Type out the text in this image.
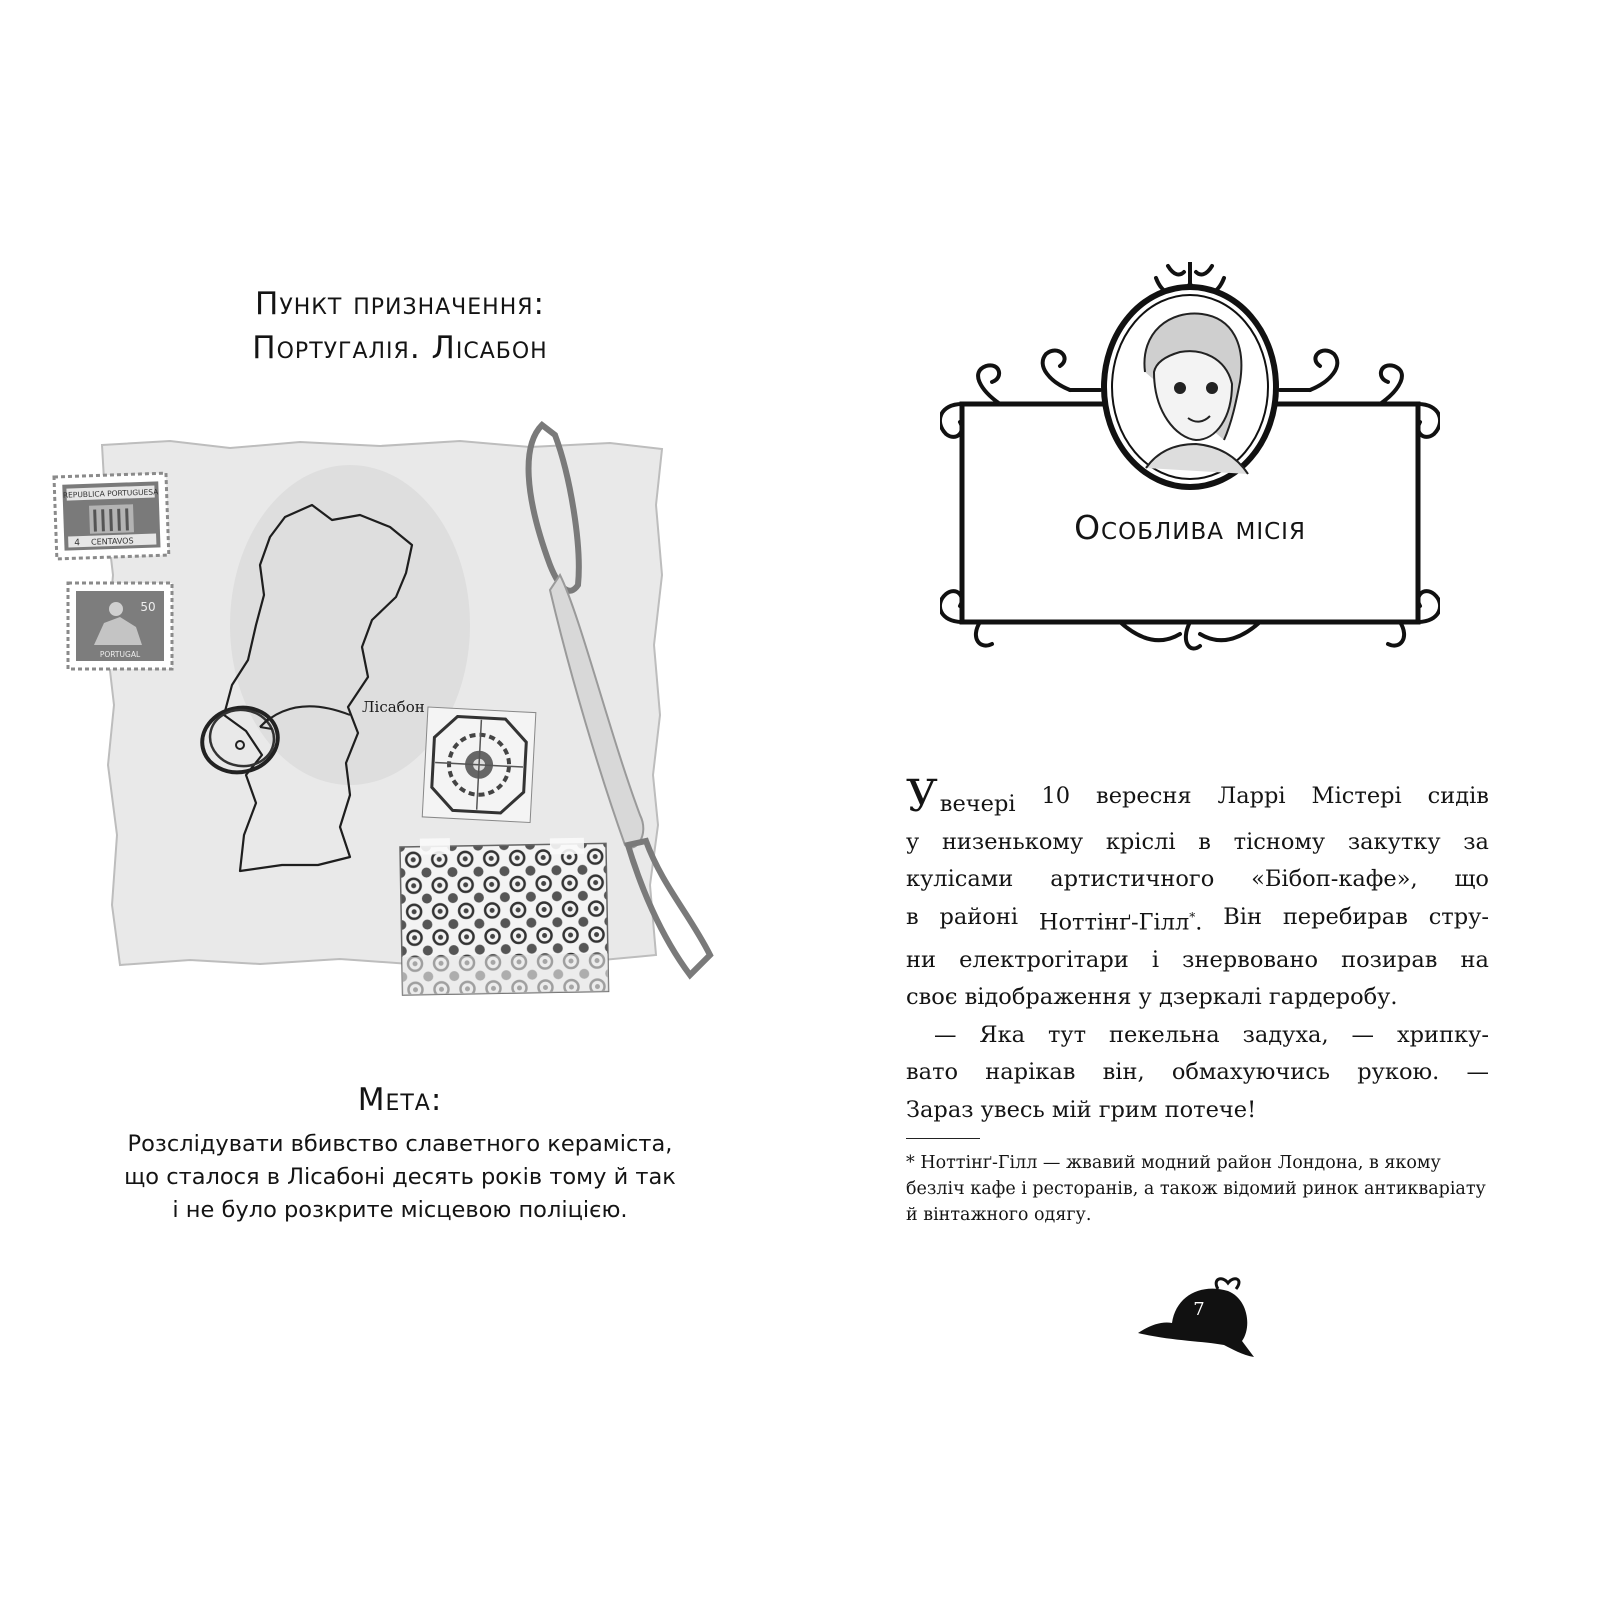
Пункт призначення:
Португалія. Лісабон
Лісабон
REPUBLICA PORTUGUESA
CENTAVOS
4
50
PORTUGAL
Мета:
Розслідувати вбивство славетного кераміста,
що сталося в Лісабоні десять років тому й так
і не було розкрите місцевою поліцією.
Особлива місія
Увечері 10 вересня Ларрі Містері сидів
у низенькому кріслі в тісному закутку за
кулісами артистичного «Бібоп-кафе», що
в районі Ноттінґ-Гілл*. Він перебирав стру-
ни електрогітари і знервовано позирав на
своє відображення у дзеркалі гардеробу.
— Яка тут пекельна задуха, — хрипку-
вато нарікав він, обмахуючись рукою. —
Зараз увесь мій грим потече!
* Ноттінґ-Гілл — жвавий модний район Лондона, в якому безліч кафе і ресторанів, а також відомий ринок антикваріату й вінтажного одягу.
7
